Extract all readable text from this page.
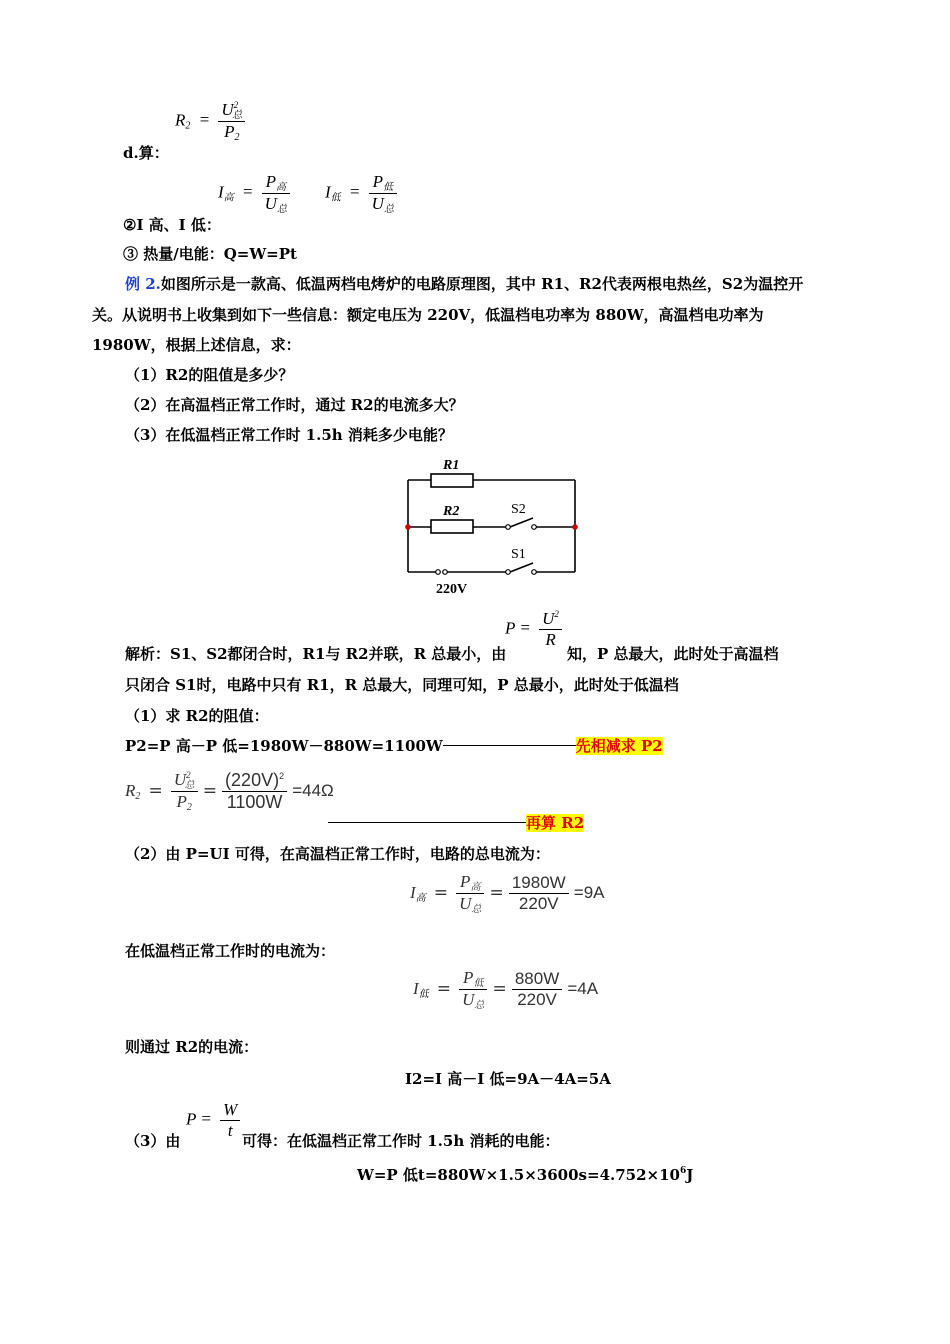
$R_2 = \frac{U^2_总}{P_2}$
d.算：
$I_高 = \frac{P_高}{U_总} I_低 = \frac{P_低}{U_总}$
②I 高、I 低：
③ 热量/电能：Q=W=Pt
例 2.如图所示是一款高、低温两档电烤炉的电路原理图，其中 R1、R2代表两根电热丝，S2为温控开
关。从说明书上收集到如下一些信息：额定电压为 220V，低温档电功率为 880W，高温档电功率为
1980W，根据上述信息，求：
（1）R2的阻值是多少？
（2）在高温档正常工作时，通过 R2的电流多大？
（3）在低温档正常工作时 1.5h 消耗多少电能？
R1
R2	S2
S1
220V
$P = \frac{U^2}{R}$
解析：S1、S2都闭合时，R1与 R2并联，R 总最小，由	知，P 总最大，此时处于高温档
只闭合 S1时，电路中只有 R1，R 总最大，同理可知，P 总最小，此时处于低温档
（1）求 R2的阻值：
P2=P 高－P 低=1980W－880W=1100W	先相减求 P2
$R_2 = \frac{U^2_总}{P_2} = \frac{(220V)^2}{1100W} =44\Omega$
再算 R2
（2）由 P=UI 可得，在高温档正常工作时，电路的总电流为：
$I_高 = \frac{P_高}{U_总} = \frac{1980W}{220V} =9A$
在低温档正常工作时的电流为：
$I_低 = \frac{P_低}{U_总} = \frac{880W}{220V} =4A$
则通过 R2的电流：
I2=I 高－I 低=9A－4A=5A
$P = \frac{W}{t}$
（3）由	可得：在低温档正常工作时 1.5h 消耗的电能：
W=P 低$t=880W\times 1.5\times 3600s=4.752\times 10^6J$
